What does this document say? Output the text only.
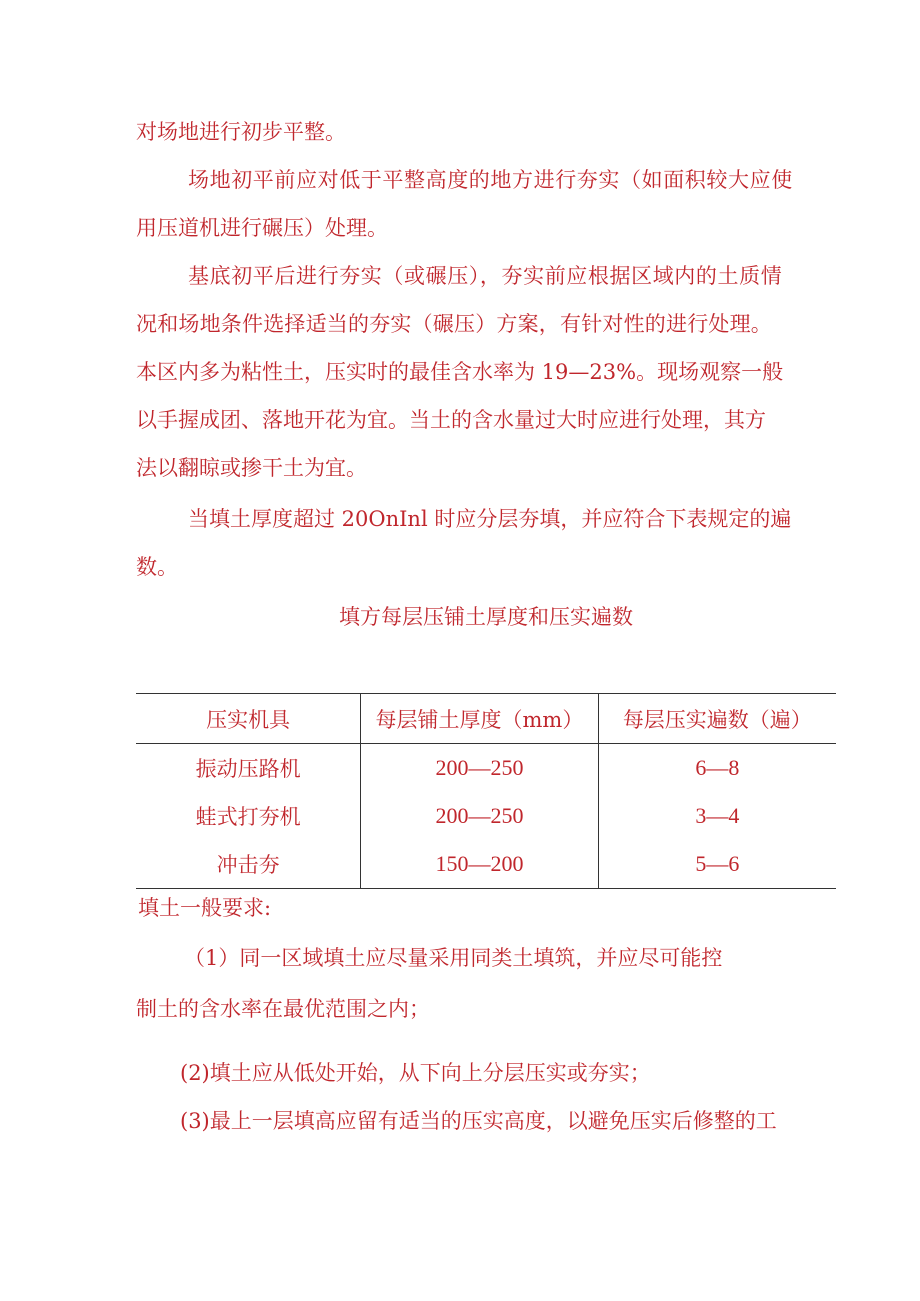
对场地进行初步平整。
场地初平前应对低于平整高度的地方进行夯实（如面积较大应使
用压道机进行碾压）处理。
基底初平后进行夯实（或碾压），夯实前应根据区域内的土质情
况和场地条件选择适当的夯实（碾压）方案，有针对性的进行处理。
本区内多为粘性土，压实时的最佳含水率为 19—23%。现场观察一般
以手握成团、落地开花为宜。当土的含水量过大时应进行处理，其方
法以翻晾或掺干土为宜。
当填土厚度超过 20OnInl 时应分层夯填，并应符合下表规定的遍
数。
填方每层压铺土厚度和压实遍数
压实机具	每层铺土厚度（mm）	每层压实遍数（遍）
振动压路机	200—250	6—8
蛙式打夯机	200—250	3—4
冲击夯	150—200	5—6
填土一般要求:
（1）同一区域填土应尽量采用同类土填筑，并应尽可能控
制土的含水率在最优范围之内；
(2)填土应从低处开始，从下向上分层压实或夯实；
(3)最上一层填高应留有适当的压实高度，以避免压实后修整的工
